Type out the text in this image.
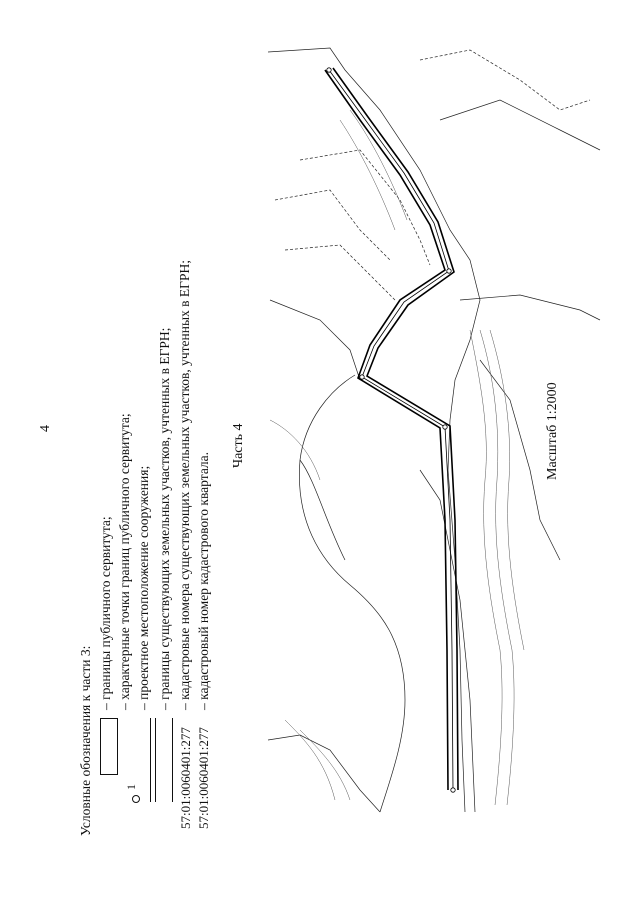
4
Условные обозначения к части 3:	1	57:01:0060401:277 57:01:0060401:277
– границы публичного сервитута; – характерные точки границ публичного сервитута; – проектное местоположение сооружения; – границы существующих земельных участков, учтенных в ЕГРН; – кадастровые номера существующих земельных участков, учтенных в ЕГРН; – кадастровый номер кадастрового квартала.
Часть 4	Масштаб 1:2000
